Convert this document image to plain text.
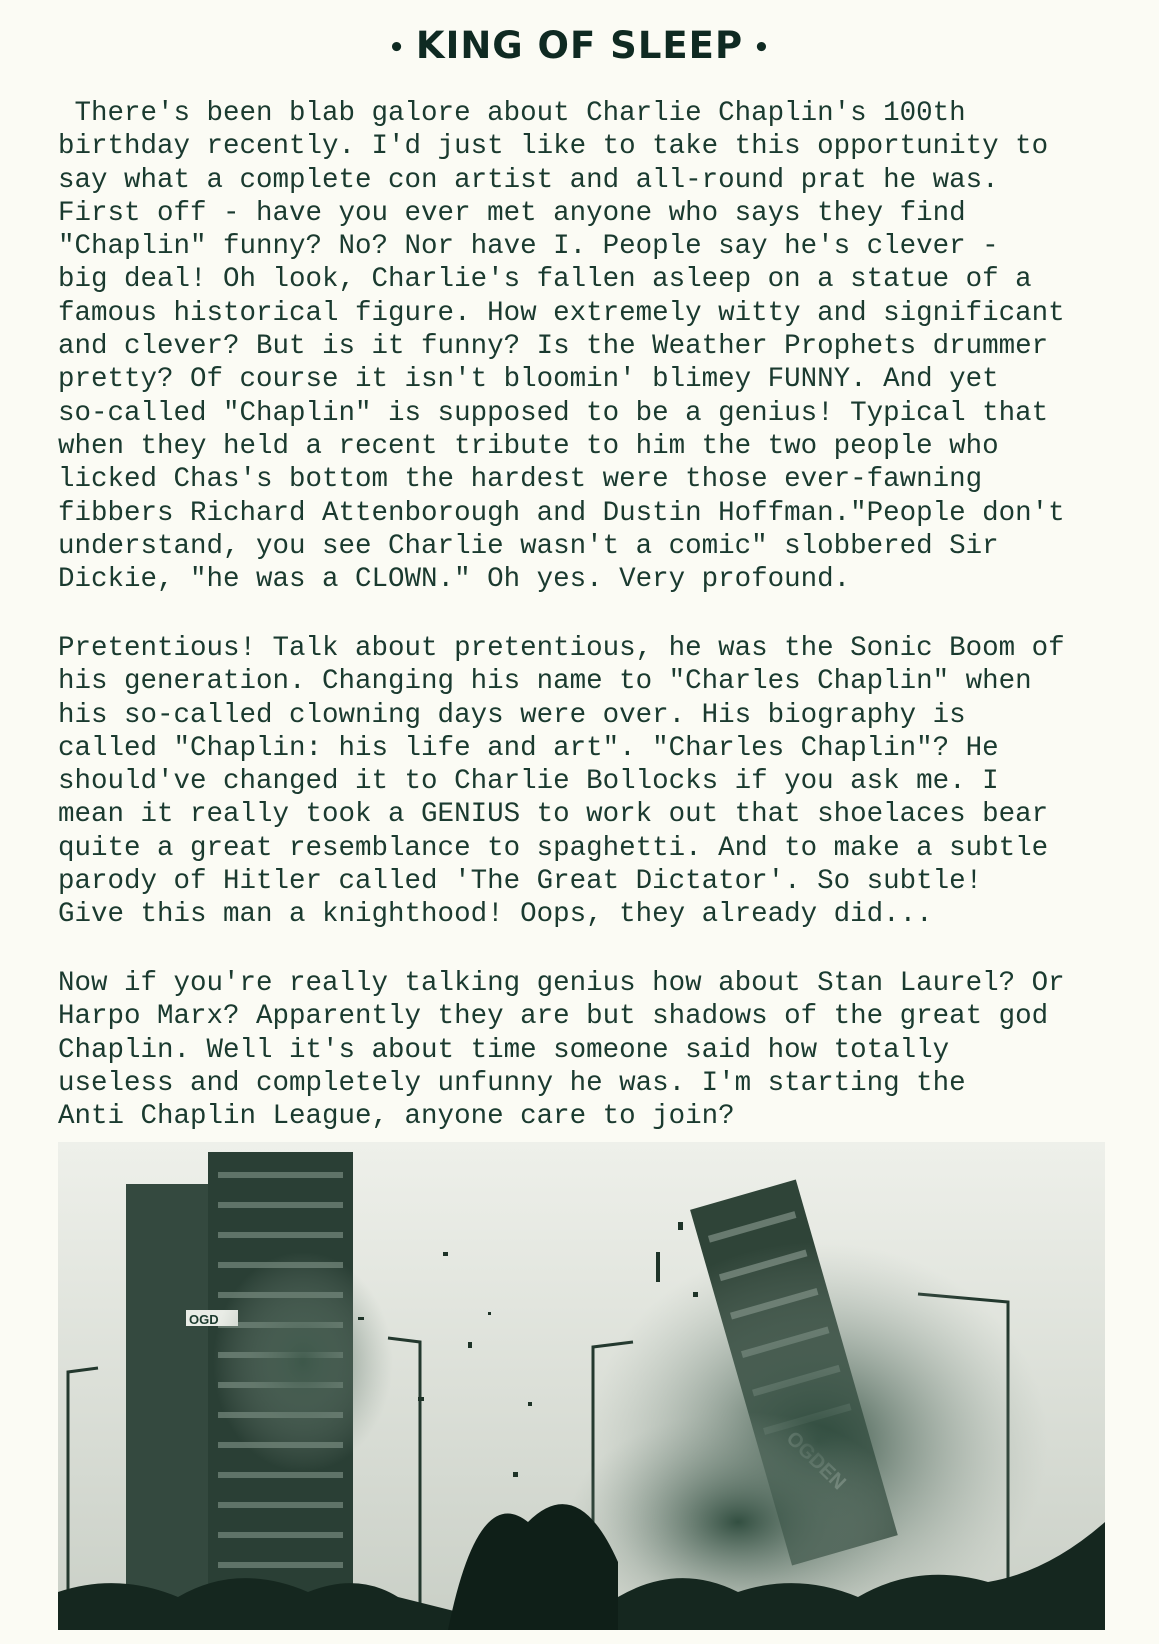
• KING OF SLEEP •
There's been blab galore about Charlie Chaplin's 100th
birthday recently. I'd just like to take this opportunity to
say what a complete con artist and all-round prat he was.
First off - have you ever met anyone who says they find
"Chaplin" funny? No? Nor have I. People say he's clever -
big deal! Oh look, Charlie's fallen asleep on a statue of a
famous historical figure. How extremely witty and significant
and clever? But is it funny? Is the Weather Prophets drummer
pretty? Of course it isn't bloomin' blimey FUNNY. And yet
so-called "Chaplin" is supposed to be a genius! Typical that
when they held a recent tribute to him the two people who
licked Chas's bottom the hardest were those ever-fawning
fibbers Richard Attenborough and Dustin Hoffman."People don't
understand, you see Charlie wasn't a comic" slobbered Sir
Dickie, "he was a CLOWN." Oh yes. Very profound.
Pretentious! Talk about pretentious, he was the Sonic Boom of
his generation. Changing his name to "Charles Chaplin" when
his so-called clowning days were over. His biography is
called "Chaplin: his life and art". "Charles Chaplin"? He
should've changed it to Charlie Bollocks if you ask me. I
mean it really took a GENIUS to work out that shoelaces bear
quite a great resemblance to spaghetti. And to make a subtle
parody of Hitler called 'The Great Dictator'. So subtle!
Give this man a knighthood! Oops, they already did...
Now if you're really talking genius how about Stan Laurel? Or
Harpo Marx? Apparently they are but shadows of the great god
Chaplin. Well it's about time someone said how totally
useless and completely unfunny he was. I'm starting the
Anti Chaplin League, anyone care to join?
OGD
